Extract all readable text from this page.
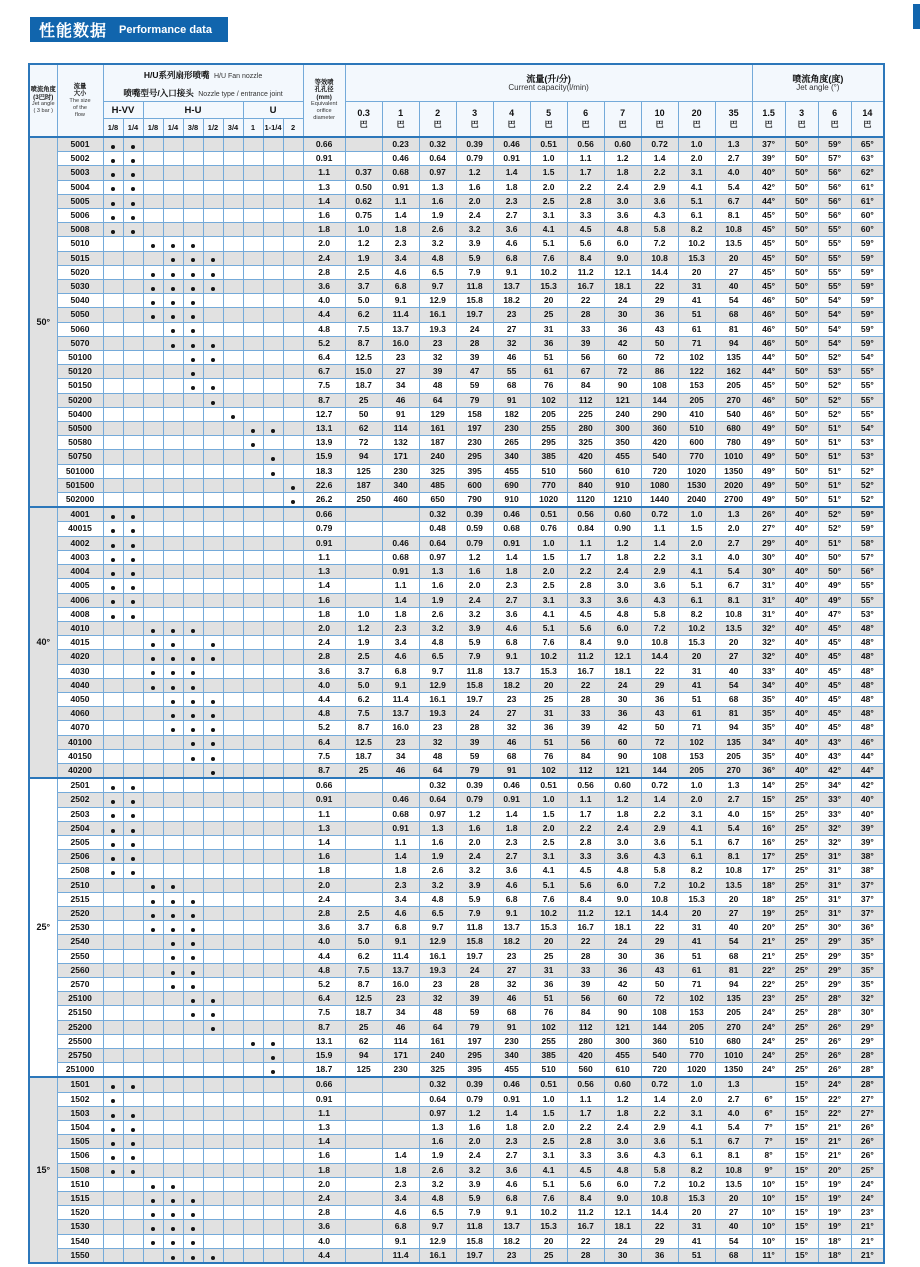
性能数据 Performance data
喷流角度
(3巴时)
Jet angle
( 3 bar )

流量
大小
The size
of the
flow

H/U系列扇形喷嘴 H/U Fan nozzle
喷嘴型号/入口接头 Nozzle type / entrance joint

等效喷
孔孔径
(mm)
Equivalent
orifice
diameter

流量(升/分)
Current capacity(l/min)

喷流角度(度)
Jet angle (°)

		H-VV		H-U					U				0.3
巴	1
巴	2
巴	3
巴	4
巴	5
巴	6
巴	7
巴	10
巴	20
巴	35
巴	1.5
巴	3
巴	6
巴	14
巴

		1/8	1/4	1/8	1/4	3/8	1/2	3/4	1	1-1/4	2																
50°	5001											0.66		0.23	0.32	0.39	0.46	0.51	0.56	0.60	0.72	1.0	1.3	37°	50°	59°	65°
	5002											0.91		0.46	0.64	0.79	0.91	1.0	1.1	1.2	1.4	2.0	2.7	39°	50°	57°	63°
	5003											1.1	0.37	0.68	0.97	1.2	1.4	1.5	1.7	1.8	2.2	3.1	4.0	40°	50°	56°	62°
	5004											1.3	0.50	0.91	1.3	1.6	1.8	2.0	2.2	2.4	2.9	4.1	5.4	42°	50°	56°	61°
	5005											1.4	0.62	1.1	1.6	2.0	2.3	2.5	2.8	3.0	3.6	5.1	6.7	44°	50°	56°	61°
	5006											1.6	0.75	1.4	1.9	2.4	2.7	3.1	3.3	3.6	4.3	6.1	8.1	45°	50°	56°	60°
	5008											1.8	1.0	1.8	2.6	3.2	3.6	4.1	4.5	4.8	5.8	8.2	10.8	45°	50°	55°	60°
	5010											2.0	1.2	2.3	3.2	3.9	4.6	5.1	5.6	6.0	7.2	10.2	13.5	45°	50°	55°	59°
	5015											2.4	1.9	3.4	4.8	5.9	6.8	7.6	8.4	9.0	10.8	15.3	20	45°	50°	55°	59°
	5020											2.8	2.5	4.6	6.5	7.9	9.1	10.2	11.2	12.1	14.4	20	27	45°	50°	55°	59°
	5030											3.6	3.7	6.8	9.7	11.8	13.7	15.3	16.7	18.1	22	31	40	45°	50°	55°	59°
	5040											4.0	5.0	9.1	12.9	15.8	18.2	20	22	24	29	41	54	46°	50°	54°	59°
	5050											4.4	6.2	11.4	16.1	19.7	23	25	28	30	36	51	68	46°	50°	54°	59°
	5060											4.8	7.5	13.7	19.3	24	27	31	33	36	43	61	81	46°	50°	54°	59°
	5070											5.2	8.7	16.0	23	28	32	36	39	42	50	71	94	46°	50°	54°	59°
	50100											6.4	12.5	23	32	39	46	51	56	60	72	102	135	44°	50°	52°	54°
	50120											6.7	15.0	27	39	47	55	61	67	72	86	122	162	44°	50°	53°	55°
	50150											7.5	18.7	34	48	59	68	76	84	90	108	153	205	45°	50°	52°	55°
	50200											8.7	25	46	64	79	91	102	112	121	144	205	270	46°	50°	52°	55°
	50400											12.7	50	91	129	158	182	205	225	240	290	410	540	46°	50°	52°	55°
	50500											13.1	62	114	161	197	230	255	280	300	360	510	680	49°	50°	51°	54°
	50580											13.9	72	132	187	230	265	295	325	350	420	600	780	49°	50°	51°	53°
	50750											15.9	94	171	240	295	340	385	420	455	540	770	1010	49°	50°	51°	53°
	501000											18.3	125	230	325	395	455	510	560	610	720	1020	1350	49°	50°	51°	52°
	501500											22.6	187	340	485	600	690	770	840	910	1080	1530	2020	49°	50°	51°	52°
	502000											26.2	250	460	650	790	910	1020	1120	1210	1440	2040	2700	49°	50°	51°	52°
40°	4001											0.66			0.32	0.39	0.46	0.51	0.56	0.60	0.72	1.0	1.3	26°	40°	52°	59°
	40015											0.79			0.48	0.59	0.68	0.76	0.84	0.90	1.1	1.5	2.0	27°	40°	52°	59°
	4002											0.91		0.46	0.64	0.79	0.91	1.0	1.1	1.2	1.4	2.0	2.7	29°	40°	51°	58°
	4003											1.1		0.68	0.97	1.2	1.4	1.5	1.7	1.8	2.2	3.1	4.0	30°	40°	50°	57°
	4004											1.3		0.91	1.3	1.6	1.8	2.0	2.2	2.4	2.9	4.1	5.4	30°	40°	50°	56°
	4005											1.4		1.1	1.6	2.0	2.3	2.5	2.8	3.0	3.6	5.1	6.7	31°	40°	49°	55°
	4006											1.6		1.4	1.9	2.4	2.7	3.1	3.3	3.6	4.3	6.1	8.1	31°	40°	49°	55°
	4008											1.8	1.0	1.8	2.6	3.2	3.6	4.1	4.5	4.8	5.8	8.2	10.8	31°	40°	47°	53°
	4010											2.0	1.2	2.3	3.2	3.9	4.6	5.1	5.6	6.0	7.2	10.2	13.5	32°	40°	45°	48°
	4015											2.4	1.9	3.4	4.8	5.9	6.8	7.6	8.4	9.0	10.8	15.3	20	32°	40°	45°	48°
	4020											2.8	2.5	4.6	6.5	7.9	9.1	10.2	11.2	12.1	14.4	20	27	32°	40°	45°	48°
	4030											3.6	3.7	6.8	9.7	11.8	13.7	15.3	16.7	18.1	22	31	40	33°	40°	45°	48°
	4040											4.0	5.0	9.1	12.9	15.8	18.2	20	22	24	29	41	54	34°	40°	45°	48°
	4050											4.4	6.2	11.4	16.1	19.7	23	25	28	30	36	51	68	35°	40°	45°	48°
	4060											4.8	7.5	13.7	19.3	24	27	31	33	36	43	61	81	35°	40°	45°	48°
	4070											5.2	8.7	16.0	23	28	32	36	39	42	50	71	94	35°	40°	45°	48°
	40100											6.4	12.5	23	32	39	46	51	56	60	72	102	135	34°	40°	43°	46°
	40150											7.5	18.7	34	48	59	68	76	84	90	108	153	205	35°	40°	43°	44°
	40200											8.7	25	46	64	79	91	102	112	121	144	205	270	36°	40°	42°	44°
25°	2501											0.66			0.32	0.39	0.46	0.51	0.56	0.60	0.72	1.0	1.3	14°	25°	34°	42°
	2502											0.91		0.46	0.64	0.79	0.91	1.0	1.1	1.2	1.4	2.0	2.7	15°	25°	33°	40°
	2503											1.1		0.68	0.97	1.2	1.4	1.5	1.7	1.8	2.2	3.1	4.0	15°	25°	33°	40°
	2504											1.3		0.91	1.3	1.6	1.8	2.0	2.2	2.4	2.9	4.1	5.4	16°	25°	32°	39°
	2505											1.4		1.1	1.6	2.0	2.3	2.5	2.8	3.0	3.6	5.1	6.7	16°	25°	32°	39°
	2506											1.6		1.4	1.9	2.4	2.7	3.1	3.3	3.6	4.3	6.1	8.1	17°	25°	31°	38°
	2508											1.8		1.8	2.6	3.2	3.6	4.1	4.5	4.8	5.8	8.2	10.8	17°	25°	31°	38°
	2510											2.0		2.3	3.2	3.9	4.6	5.1	5.6	6.0	7.2	10.2	13.5	18°	25°	31°	37°
	2515											2.4		3.4	4.8	5.9	6.8	7.6	8.4	9.0	10.8	15.3	20	18°	25°	31°	37°
	2520											2.8	2.5	4.6	6.5	7.9	9.1	10.2	11.2	12.1	14.4	20	27	19°	25°	31°	37°
	2530											3.6	3.7	6.8	9.7	11.8	13.7	15.3	16.7	18.1	22	31	40	20°	25°	30°	36°
	2540											4.0	5.0	9.1	12.9	15.8	18.2	20	22	24	29	41	54	21°	25°	29°	35°
	2550											4.4	6.2	11.4	16.1	19.7	23	25	28	30	36	51	68	21°	25°	29°	35°
	2560											4.8	7.5	13.7	19.3	24	27	31	33	36	43	61	81	22°	25°	29°	35°
	2570											5.2	8.7	16.0	23	28	32	36	39	42	50	71	94	22°	25°	29°	35°
	25100											6.4	12.5	23	32	39	46	51	56	60	72	102	135	23°	25°	28°	32°
	25150											7.5	18.7	34	48	59	68	76	84	90	108	153	205	24°	25°	28°	30°
	25200											8.7	25	46	64	79	91	102	112	121	144	205	270	24°	25°	26°	29°
	25500											13.1	62	114	161	197	230	255	280	300	360	510	680	24°	25°	26°	29°
	25750											15.9	94	171	240	295	340	385	420	455	540	770	1010	24°	25°	26°	28°
	251000											18.7	125	230	325	395	455	510	560	610	720	1020	1350	24°	25°	26°	28°
15°	1501											0.66			0.32	0.39	0.46	0.51	0.56	0.60	0.72	1.0	1.3		15°	24°	28°
	1502											0.91			0.64	0.79	0.91	1.0	1.1	1.2	1.4	2.0	2.7	6°	15°	22°	27°
	1503											1.1			0.97	1.2	1.4	1.5	1.7	1.8	2.2	3.1	4.0	6°	15°	22°	27°
	1504											1.3			1.3	1.6	1.8	2.0	2.2	2.4	2.9	4.1	5.4	7°	15°	21°	26°
	1505											1.4			1.6	2.0	2.3	2.5	2.8	3.0	3.6	5.1	6.7	7°	15°	21°	26°
	1506											1.6		1.4	1.9	2.4	2.7	3.1	3.3	3.6	4.3	6.1	8.1	8°	15°	21°	26°
	1508											1.8		1.8	2.6	3.2	3.6	4.1	4.5	4.8	5.8	8.2	10.8	9°	15°	20°	25°
	1510											2.0		2.3	3.2	3.9	4.6	5.1	5.6	6.0	7.2	10.2	13.5	10°	15°	19°	24°
	1515											2.4		3.4	4.8	5.9	6.8	7.6	8.4	9.0	10.8	15.3	20	10°	15°	19°	24°
	1520											2.8		4.6	6.5	7.9	9.1	10.2	11.2	12.1	14.4	20	27	10°	15°	19°	23°
	1530											3.6		6.8	9.7	11.8	13.7	15.3	16.7	18.1	22	31	40	10°	15°	19°	21°
	1540											4.0		9.1	12.9	15.8	18.2	20	22	24	29	41	54	10°	15°	18°	21°
	1550											4.4		11.4	16.1	19.7	23	25	28	30	36	51	68	11°	15°	18°	21°
